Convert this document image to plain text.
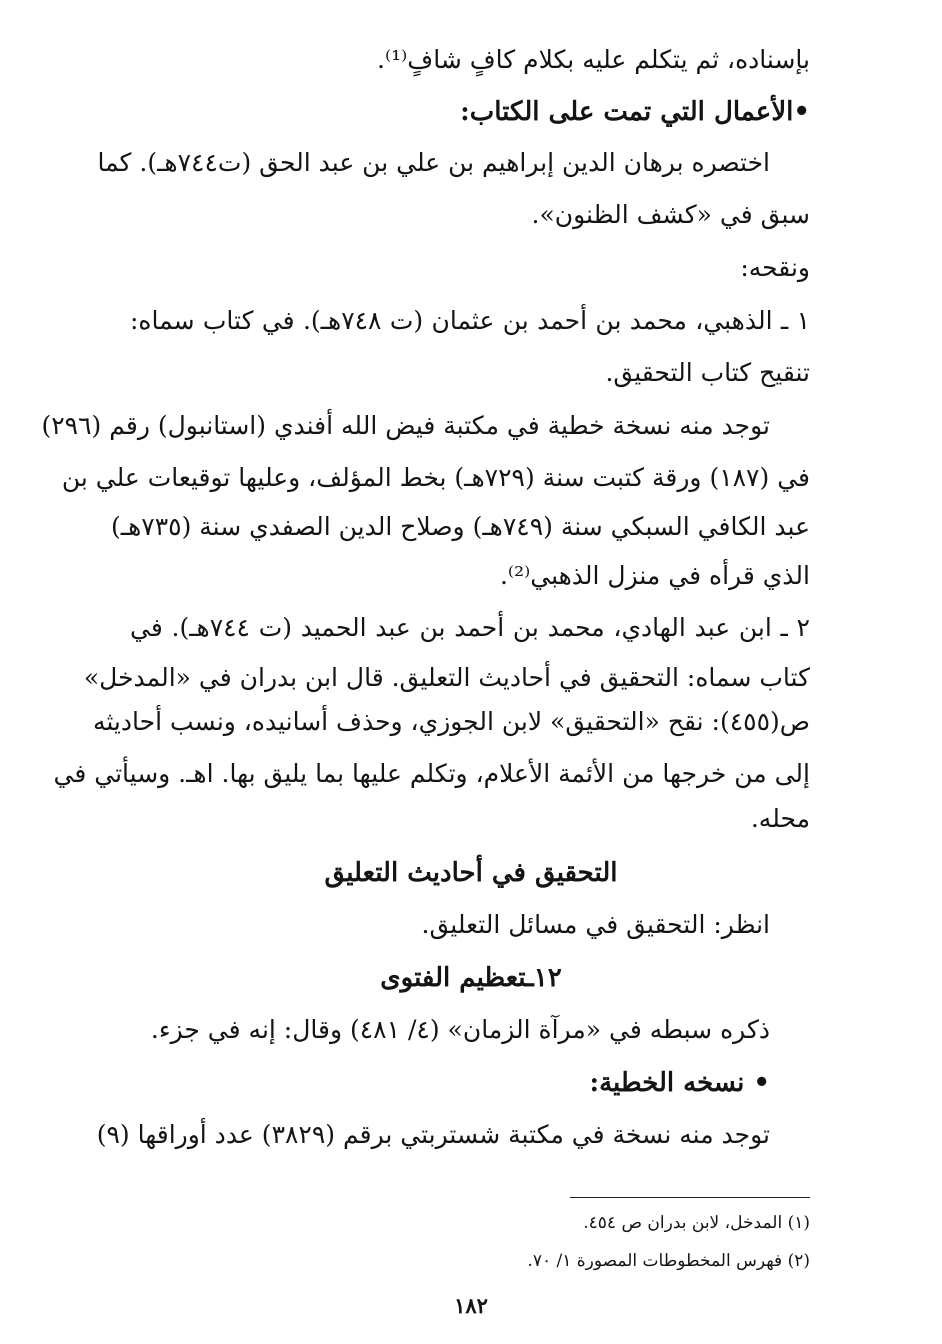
بإسناده، ثم يتكلم عليه بكلام كافٍ شافٍ⁽¹⁾.
•الأعمال التي تمت على الكتاب:
اختصره برهان الدين إبراهيم بن علي بن عبد الحق (ت٧٤٤هـ). كما
سبق في «كشف الظنون».
ونقحه:
١ ـ الذهبي، محمد بن أحمد بن عثمان (ت ٧٤٨هـ). في كتاب سماه:
تنقيح كتاب التحقيق.
توجد منه نسخة خطية في مكتبة فيض الله أفندي (استانبول) رقم (٢٩٦)
في (١٨٧) ورقة كتبت سنة (٧٢٩هـ) بخط المؤلف، وعليها توقيعات علي بن
عبد الكافي السبكي سنة (٧٤٩هـ) وصلاح الدين الصفدي سنة (٧٣٥هـ)
الذي قرأه في منزل الذهبي⁽²⁾.
٢ ـ ابن عبد الهادي، محمد بن أحمد بن عبد الحميد (ت ٧٤٤هـ). في
كتاب سماه: التحقيق في أحاديث التعليق. قال ابن بدران في «المدخل»
ص(٤٥٥): نقح «التحقيق» لابن الجوزي، وحذف أسانيده، ونسب أحاديثه
إلى من خرجها من الأئمة الأعلام، وتكلم عليها بما يليق بها. اهـ. وسيأتي في
محله.
التحقيق في أحاديث التعليق
انظر: التحقيق في مسائل التعليق.
١٢ـتعظيم الفتوى
ذكره سبطه في «مرآة الزمان» (٤/ ٤٨١) وقال: إنه في جزء.
• نسخه الخطية:
توجد منه نسخة في مكتبة شستربتي برقم (٣٨٢٩) عدد أوراقها (٩)
(١) المدخل، لابن بدران ص ٤٥٤.
(٢) فهرس المخطوطات المصورة ١/ ٧٠.
١٨٢
